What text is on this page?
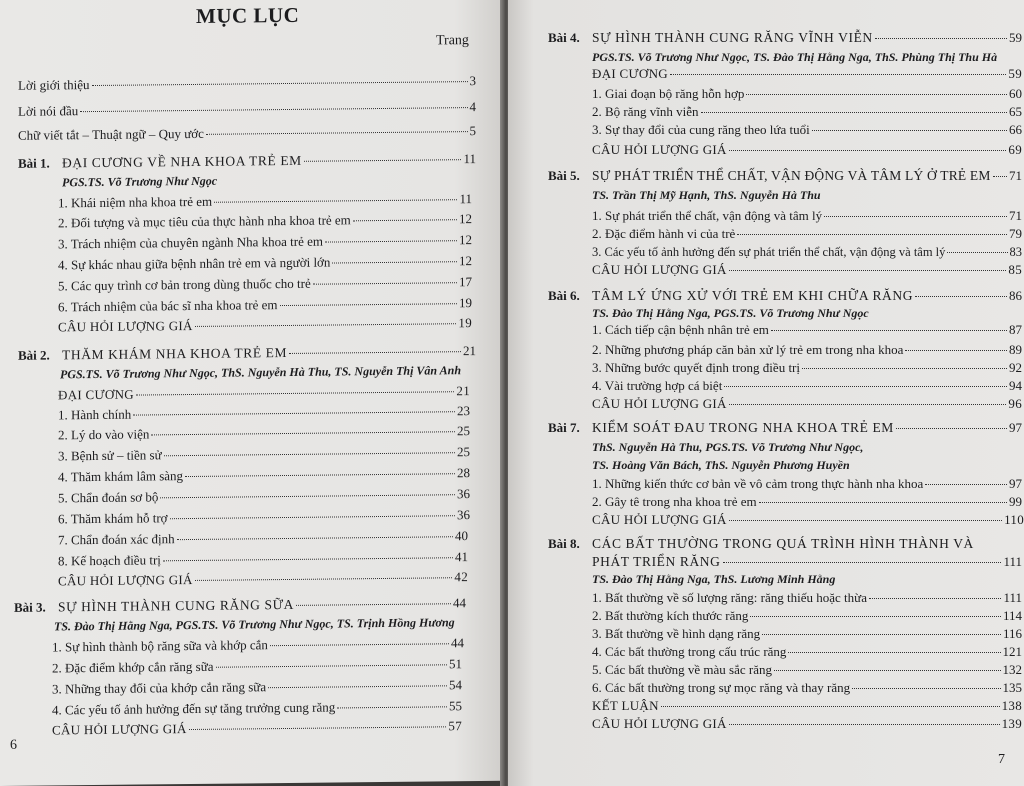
MỤC LỤC
Trang
Lời giới thiệu	3
Lời nói đầu	4
Chữ viết tắt – Thuật ngữ – Quy ước	5
Bài 1. ĐẠI CƯƠNG VỀ NHA KHOA TRẺ EM	11
PGS.TS. Võ Trương Như Ngọc
1. Khái niệm nha khoa trẻ em	11
2. Đối tượng và mục tiêu của thực hành nha khoa trẻ em	12
3. Trách nhiệm của chuyên ngành Nha khoa trẻ em	12
4. Sự khác nhau giữa bệnh nhân trẻ em và người lớn	12
5. Các quy trình cơ bản trong dùng thuốc cho trẻ	17
6. Trách nhiệm của bác sĩ nha khoa trẻ em	19
CÂU HỎI LƯỢNG GIÁ	19
Bài 2. THĂM KHÁM NHA KHOA TRẺ EM	21
PGS.TS. Võ Trương Như Ngọc, ThS. Nguyễn Hà Thu, TS. Nguyễn Thị Vân Anh
ĐẠI CƯƠNG	21
1. Hành chính	23
2. Lý do vào viện	25
3. Bệnh sử – tiền sử	25
4. Thăm khám lâm sàng	28
5. Chẩn đoán sơ bộ	36
6. Thăm khám hỗ trợ	36
7. Chẩn đoán xác định	40
8. Kế hoạch điều trị	41
CÂU HỎI LƯỢNG GIÁ	42
Bài 3. SỰ HÌNH THÀNH CUNG RĂNG SỮA	44
TS. Đào Thị Hằng Nga, PGS.TS. Võ Trương Như Ngọc, TS. Trịnh Hồng Hương
1. Sự hình thành bộ răng sữa và khớp cắn	44
2. Đặc điểm khớp cắn răng sữa	51
3. Những thay đổi của khớp cắn răng sữa	54
4. Các yếu tố ảnh hưởng đến sự tăng trưởng cung răng	55
CÂU HỎI LƯỢNG GIÁ	57
6
Bài 4. SỰ HÌNH THÀNH CUNG RĂNG VĨNH VIỄN	59
PGS.TS. Võ Trương Như Ngọc, TS. Đào Thị Hằng Nga, ThS. Phùng Thị Thu Hà
ĐẠI CƯƠNG	59
1. Giai đoạn bộ răng hỗn hợp	60
2. Bộ răng vĩnh viễn	65
3. Sự thay đổi của cung răng theo lứa tuổi	66
CÂU HỎI LƯỢNG GIÁ	69
Bài 5. SỰ PHÁT TRIỂN THỂ CHẤT, VẬN ĐỘNG VÀ TÂM LÝ Ở TRẺ EM 71
TS. Trần Thị Mỹ Hạnh, ThS. Nguyễn Hà Thu
1. Sự phát triển thể chất, vận động và tâm lý	71
2. Đặc điểm hành vi của trẻ	79
3. Các yếu tố ảnh hưởng đến sự phát triển thể chất, vận động và tâm lý	83
CÂU HỎI LƯỢNG GIÁ	85
Bài 6. TÂM LÝ ỨNG XỬ VỚI TRẺ EM KHI CHỮA RĂNG	86
TS. Đào Thị Hằng Nga, PGS.TS. Võ Trương Như Ngọc
1. Cách tiếp cận bệnh nhân trẻ em	87
2. Những phương pháp căn bản xử lý trẻ em trong nha khoa	89
3. Những bước quyết định trong điều trị	92
4. Vài trường hợp cá biệt	94
CÂU HỎI LƯỢNG GIÁ	96
Bài 7. KIỂM SOÁT ĐAU TRONG NHA KHOA TRẺ EM	97
ThS. Nguyễn Hà Thu, PGS.TS. Võ Trương Như Ngọc,
TS. Hoàng Văn Bách, ThS. Nguyễn Phương Huyền
1. Những kiến thức cơ bản về vô cảm trong thực hành nha khoa	97
2. Gây tê trong nha khoa trẻ em	99
CÂU HỎI LƯỢNG GIÁ	110
Bài 8. CÁC BẤT THƯỜNG TRONG QUÁ TRÌNH HÌNH THÀNH VÀ
PHÁT TRIỂN RĂNG	111
TS. Đào Thị Hằng Nga, ThS. Lương Minh Hằng
1. Bất thường về số lượng răng: răng thiếu hoặc thừa	111
2. Bất thường kích thước răng	114
3. Bất thường về hình dạng răng	116
4. Các bất thường trong cấu trúc răng	121
5. Các bất thường về màu sắc răng	132
6. Các bất thường trong sự mọc răng và thay răng	135
KẾT LUẬN	138
CÂU HỎI LƯỢNG GIÁ	139
7
